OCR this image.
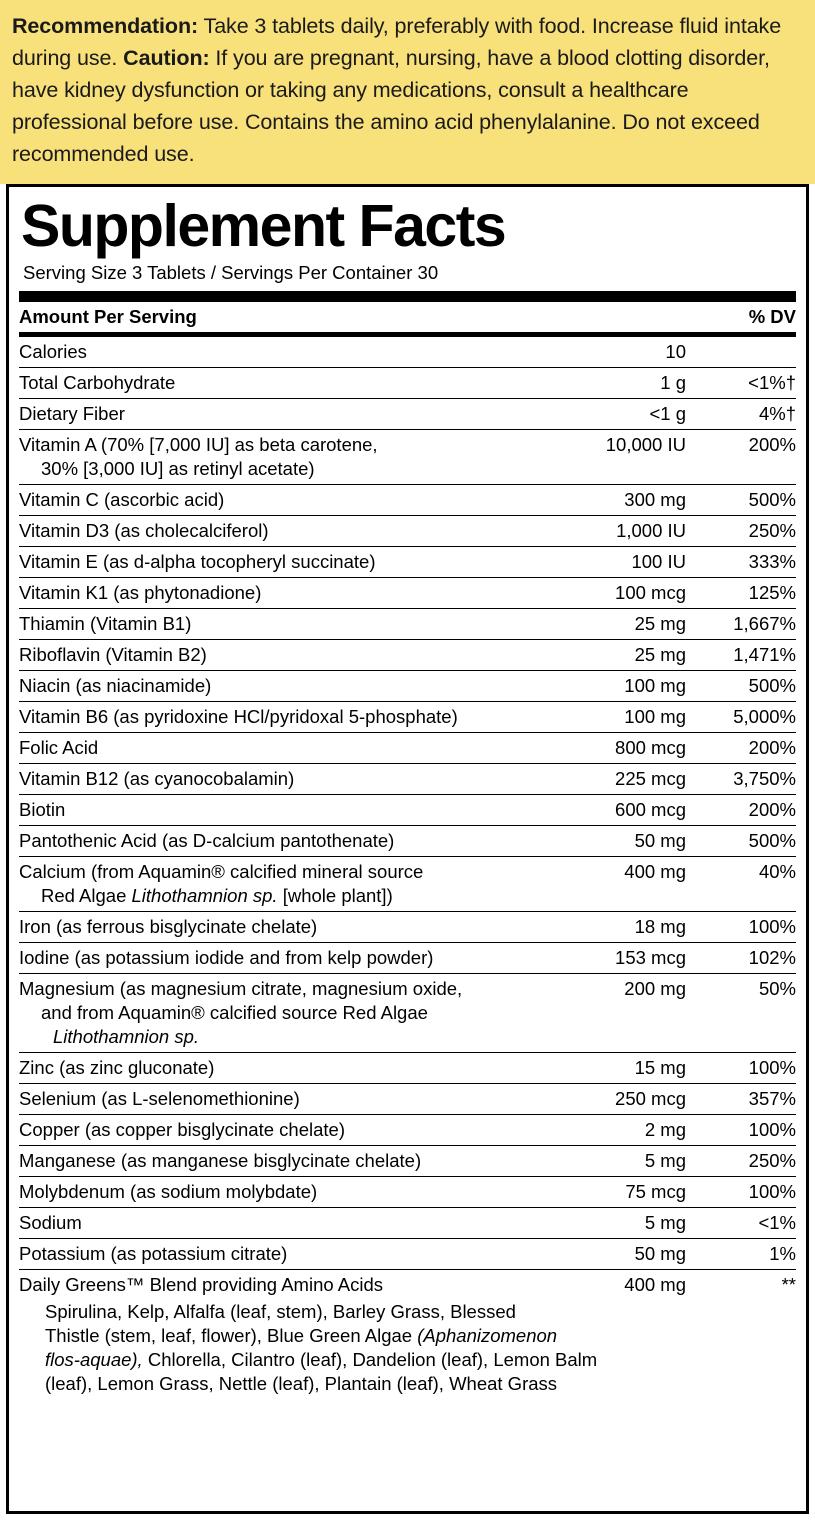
Recommendation: Take 3 tablets daily, preferably with food. Increase fluid intake during use. Caution: If you are pregnant, nursing, have a blood clotting disorder, have kidney dysfunction or taking any medications, consult a healthcare professional before use. Contains the amino acid phenylalanine. Do not exceed recommended use.
Supplement Facts
Serving Size 3 Tablets / Servings Per Container 30
Amount Per Serving		% DV
Calories	10	
Total Carbohydrate	1 g	<1%†
Dietary Fiber	<1 g	4%†
Vitamin A (70% [7,000 IU] as beta carotene,
30% [3,000 IU] as retinyl acetate)	10,000 IU	200%
Vitamin C (ascorbic acid)	300 mg	500%
Vitamin D3 (as cholecalciferol)	1,000 IU	250%
Vitamin E (as d-alpha tocopheryl succinate)	100 IU	333%
Vitamin K1 (as phytonadione)	100 mcg	125%
Thiamin (Vitamin B1)	25 mg	1,667%
Riboflavin (Vitamin B2)	25 mg	1,471%
Niacin (as niacinamide)	100 mg	500%
Vitamin B6 (as pyridoxine HCl/pyridoxal 5-phosphate)	100 mg	5,000%
Folic Acid	800 mcg	200%
Vitamin B12 (as cyanocobalamin)	225 mcg	3,750%
Biotin	600 mcg	200%
Pantothenic Acid (as D-calcium pantothenate)	50 mg	500%
Calcium (from Aquamin® calcified mineral source
Red Algae Lithothamnion sp. [whole plant])	400 mg	40%
Iron (as ferrous bisglycinate chelate)	18 mg	100%
Iodine (as potassium iodide and from kelp powder)	153 mcg	102%
Magnesium (as magnesium citrate, magnesium oxide,
and from Aquamin® calcified source Red Algae
Lithothamnion sp.	200 mg	50%
Zinc (as zinc gluconate)	15 mg	100%
Selenium (as L-selenomethionine)	250 mcg	357%
Copper (as copper bisglycinate chelate)	2 mg	100%
Manganese (as manganese bisglycinate chelate)	5 mg	250%
Molybdenum (as sodium molybdate)	75 mcg	100%
Sodium	5 mg	<1%
Potassium (as potassium citrate)	50 mg	1%
Daily Greens™ Blend providing Amino Acids	400 mg	**
Spirulina, Kelp, Alfalfa (leaf, stem), Barley Grass, Blessed
Thistle (stem, leaf, flower), Blue Green Algae (Aphanizomenon
flos-aquae), Chlorella, Cilantro (leaf), Dandelion (leaf), Lemon Balm
(leaf), Lemon Grass, Nettle (leaf), Plantain (leaf), Wheat Grass
